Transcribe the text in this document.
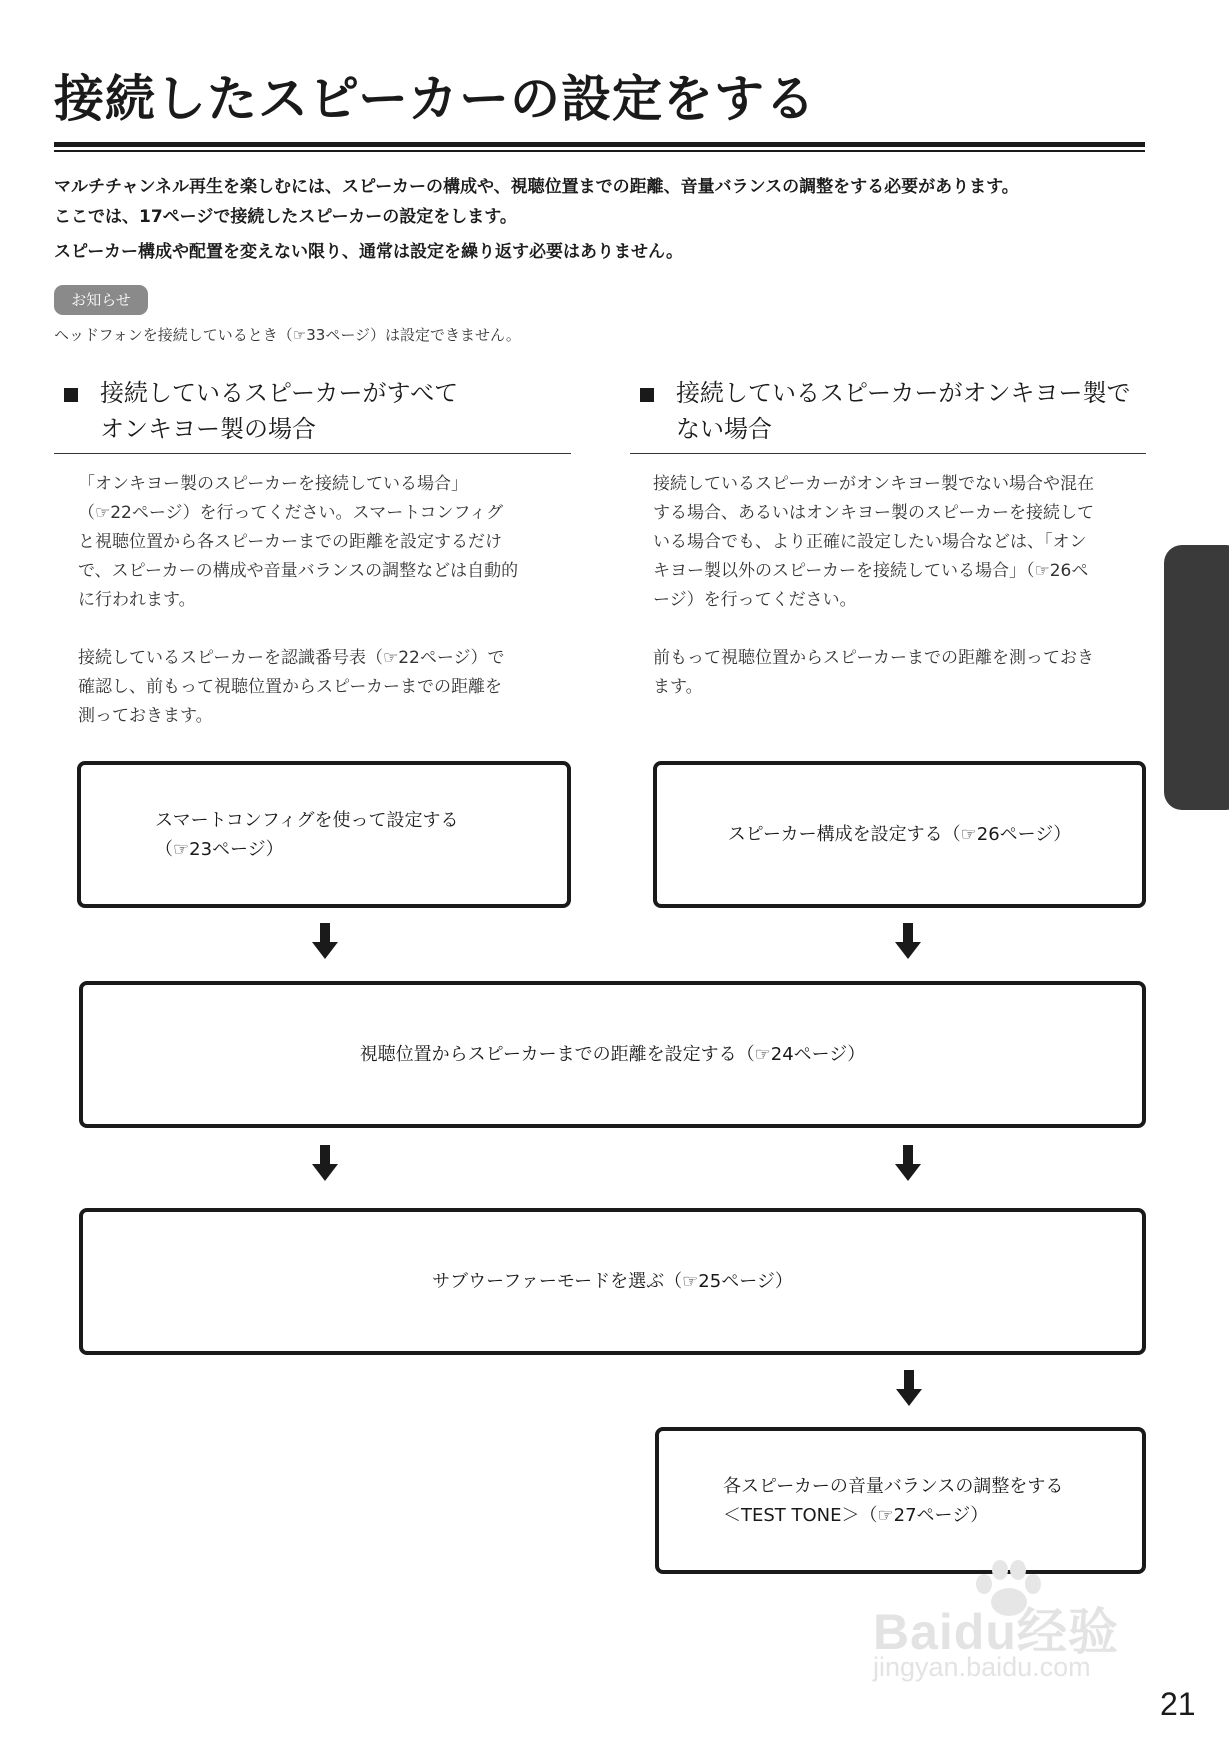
接続したスピーカーの設定をする

マルチチャンネル再生を楽しむには、スピーカーの構成や、視聴位置までの距離、音量バランスの調整をする必要があります。

ここでは、17ページで接続したスピーカーの設定をします。

スピーカー構成や配置を変えない限り、通常は設定を繰り返す必要はありません。

お知らせ
ヘッドフォンを接続しているとき（☞33ページ）は設定できません。
接続しているスピーカーがすべて
オンキヨー製の場合
「オンキヨー製のスピーカーを接続している場合」
（☞22ページ）を行ってください。スマートコンフィグ
と視聴位置から各スピーカーまでの距離を設定するだけ
で、スピーカーの構成や音量バランスの調整などは自動的
に行われます。
接続しているスピーカーを認識番号表（☞22ページ）で
確認し、前もって視聴位置からスピーカーまでの距離を
測っておきます。
接続しているスピーカーがオンキヨー製で
ない場合
接続しているスピーカーがオンキヨー製でない場合や混在
する場合、あるいはオンキヨー製のスピーカーを接続して
いる場合でも、より正確に設定したい場合などは、「オン
キヨー製以外のスピーカーを接続している場合」（☞26ペ
ージ）を行ってください。
前もって視聴位置からスピーカーまでの距離を測っておき
ます。
スマートコンフィグを使って設定する
（☞23ページ）
スピーカー構成を設定する（☞26ページ）
視聴位置からスピーカーまでの距離を設定する（☞24ページ）
サブウーファーモードを選ぶ（☞25ページ）
各スピーカーの音量バランスの調整をする
＜TEST TONE＞（☞27ページ）
21
Baidu经验
jingyan.baidu.com
